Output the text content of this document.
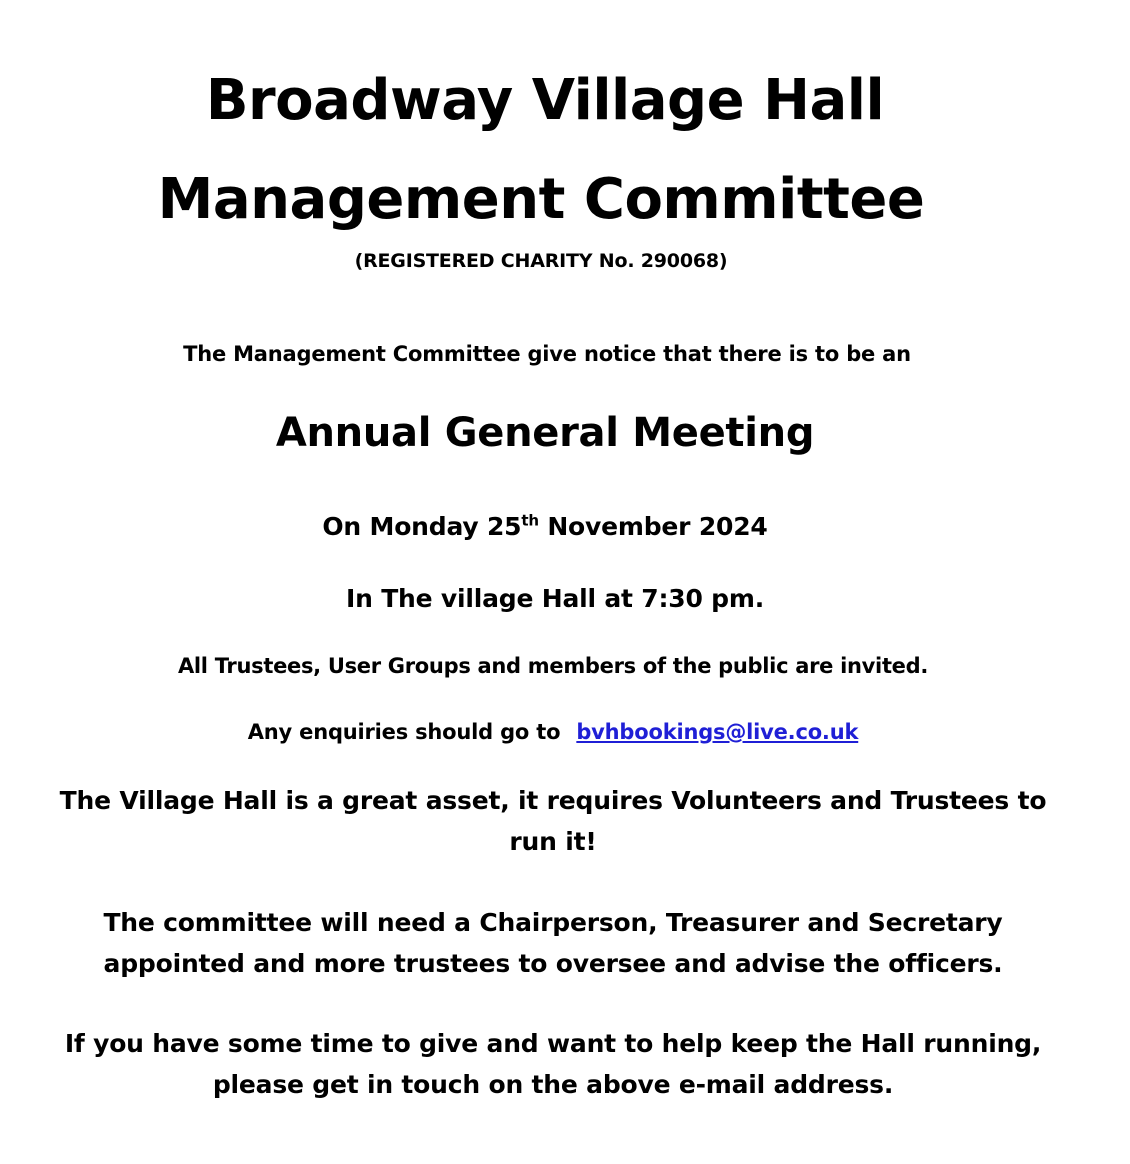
Broadway Village Hall
Management Committee

(REGISTERED CHARITY No. 290068)

The Management Committee give notice that there is to be an

Annual General Meeting

On Monday 25th November 2024

In The village Hall at 7:30 pm.

All Trustees, User Groups and members of the public are invited.

Any enquiries should go to bvhbookings@live.co.uk

The Village Hall is a great asset, it requires Volunteers and Trustees to run it!

The committee will need a Chairperson, Treasurer and Secretary appointed and more trustees to oversee and advise the officers.

If you have some time to give and want to help keep the Hall running, please get in touch on the above e-mail address.
